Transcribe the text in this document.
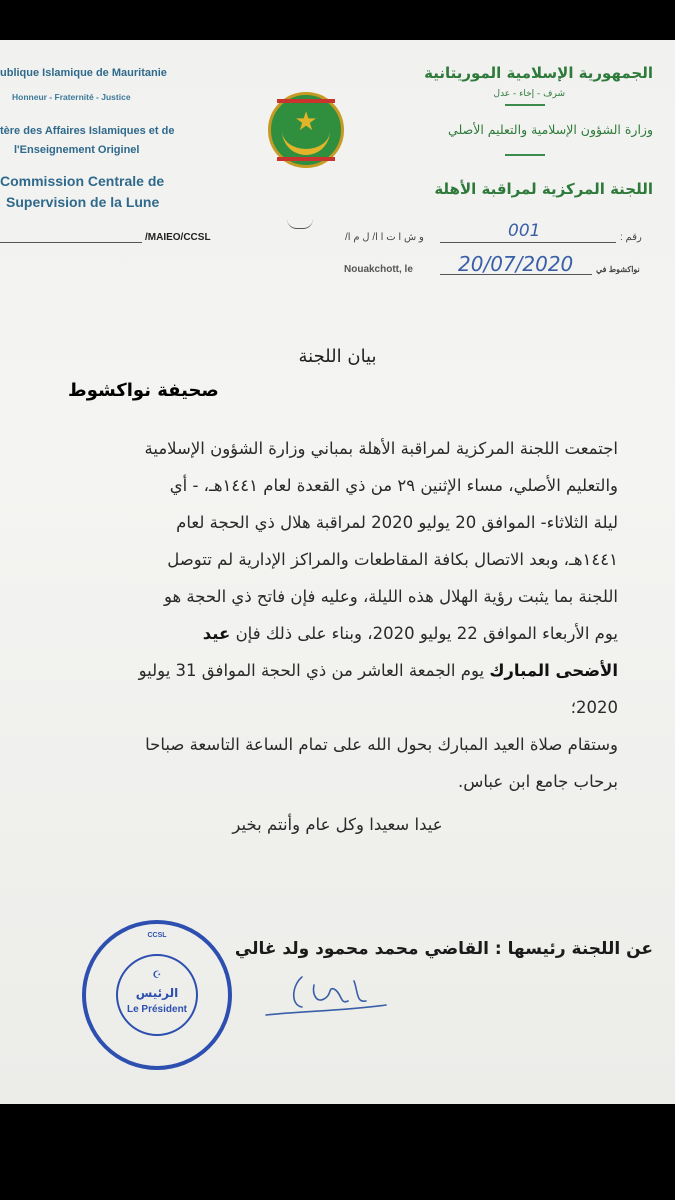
ublique Islamique de Mauritanie
Honneur - Fraternité - Justice
tère des Affaires Islamiques et de
l'Enseignement Originel
Commission Centrale de
Supervision de la Lune
★
الجمهورية الإسلامية الموريتانية
شرف - إخاء - عدل
وزارة الشؤون الإسلامية والتعليم الأصلي
اللجنة المركزية لمراقبة الأهلة
/MAIEO/CCSL	/و ش ا ت ا ا/ ل م ا	001	رقم :
Nouakchott, le 20/07/2020	نواكشوط في
بيان اللجنة
صحيفة نواكشوط
اجتمعت اللجنة المركزية لمراقبة الأهلة بمباني وزارة الشؤون الإسلامية
والتعليم الأصلي، مساء الإثنين ٢٩ من ذي القعدة لعام ١٤٤١هـ، - أي
ليلة الثلاثاء- الموافق 20 يوليو 2020 لمراقبة هلال ذي الحجة لعام
١٤٤١هـ، وبعد الاتصال بكافة المقاطعات والمراكز الإدارية لم تتوصل
اللجنة بما يثبت رؤية الهلال هذه الليلة، وعليه فإن فاتح ذي الحجة هو
يوم الأربعاء الموافق 22 يوليو 2020، وبناء على ذلك فإن عيد
الأضحى المبارك يوم الجمعة العاشر من ذي الحجة الموافق 31 يوليو
2020؛
وستقام صلاة العيد المبارك بحول الله على تمام الساعة التاسعة صباحا
برحاب جامع ابن عباس.
عيدا سعيدا وكل عام وأنتم بخير
عن اللجنة رئيسها : القاضي محمد محمود ولد غالي
CCSL
☪
الرئيس
Le Président
